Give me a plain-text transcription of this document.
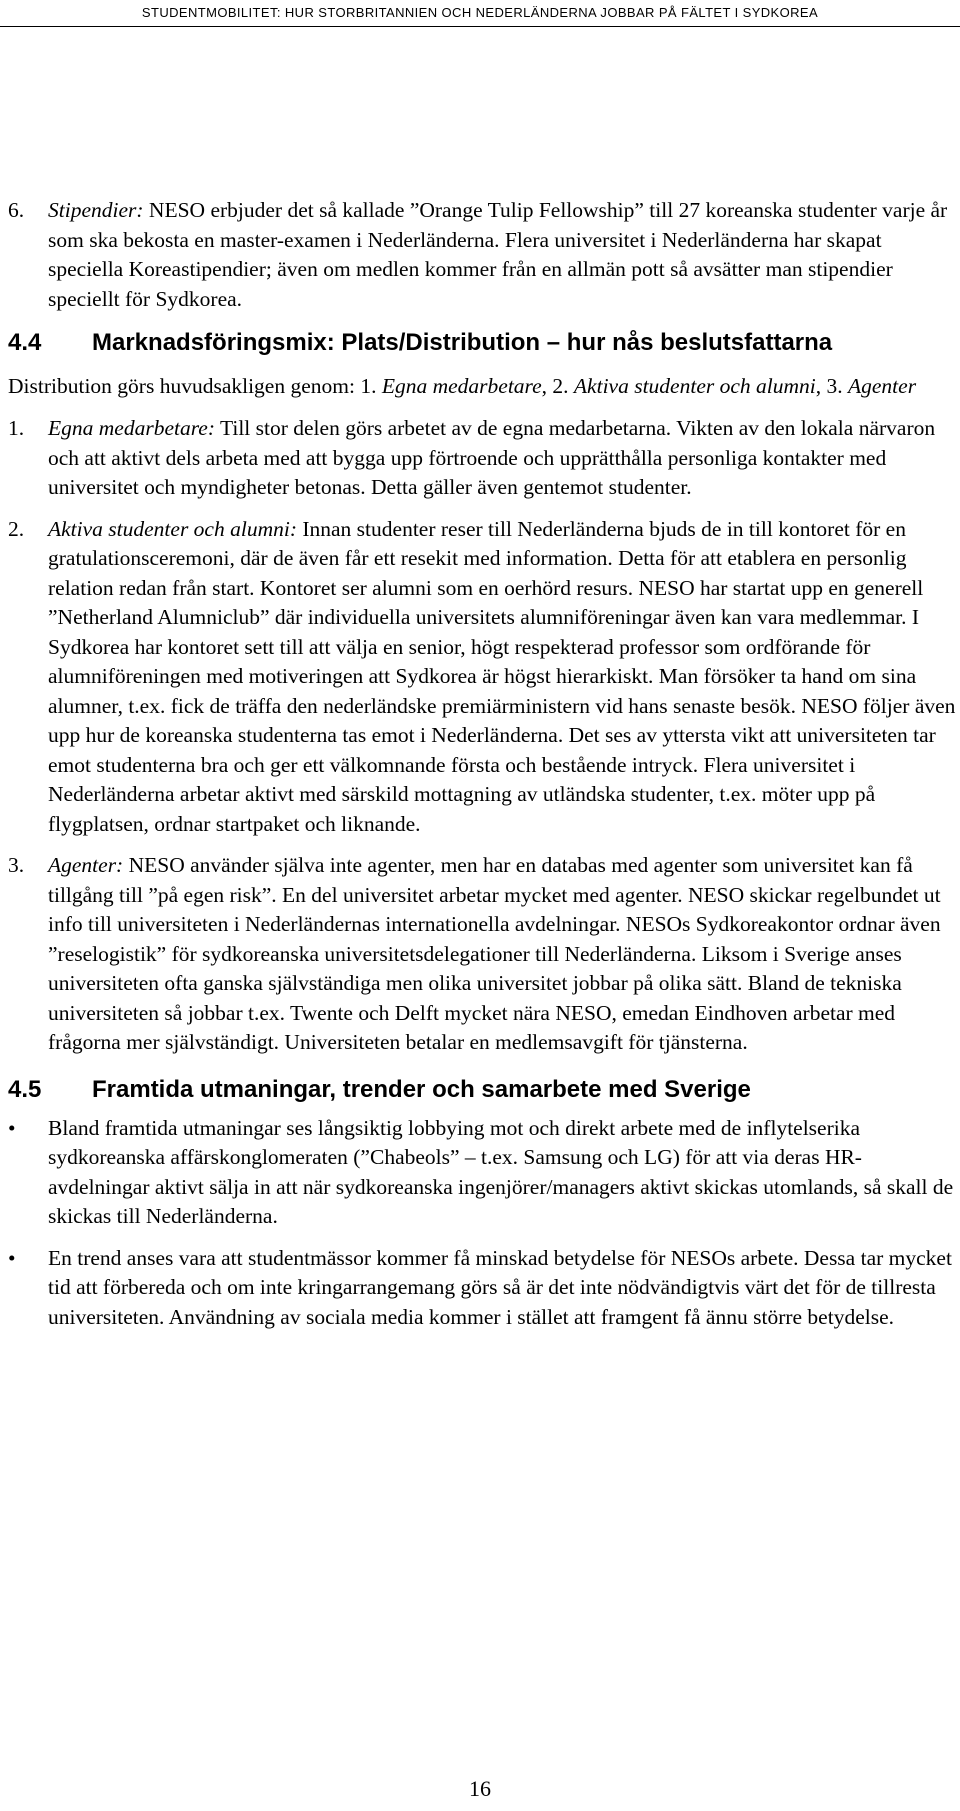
STUDENTMOBILITET: HUR STORBRITANNIEN OCH NEDERLÄNDERNA JOBBAR PÅ FÄLTET I SYDKOREA
6. Stipendier: NESO erbjuder det så kallade ”Orange Tulip Fellowship” till 27 koreanska studenter varje år som ska bekosta en master-examen i Nederländerna. Flera universitet i Nederländerna har skapat speciella Koreastipendier; även om medlen kommer från en allmän pott så avsätter man stipendier speciellt för Sydkorea.
4.4 Marknadsföringsmix: Plats/Distribution – hur nås beslutsfattarna

Distribution görs huvudsakligen genom: 1. Egna medarbetare, 2. Aktiva studenter och alumni, 3. Agenter

1. Egna medarbetare: Till stor delen görs arbetet av de egna medarbetarna. Vikten av den lokala närvaron och att aktivt dels arbeta med att bygga upp förtroende och upprätthålla personliga kontakter med universitet och myndigheter betonas. Detta gäller även gentemot studenter.
2. Aktiva studenter och alumni: Innan studenter reser till Nederländerna bjuds de in till kontoret för en gratulationsceremoni, där de även får ett resekit med information. Detta för att etablera en personlig relation redan från start. Kontoret ser alumni som en oerhörd resurs. NESO har startat upp en generell ”Netherland Alumniclub” där individuella universitets alumniföreningar även kan vara medlemmar. I Sydkorea har kontoret sett till att välja en senior, högt respekterad professor som ordförande för alumniföreningen med motiveringen att Sydkorea är högst hierarkiskt. Man försöker ta hand om sina alumner, t.ex. fick de träffa den nederländske premiärministern vid hans senaste besök. NESO följer även upp hur de koreanska studenterna tas emot i Nederländerna. Det ses av yttersta vikt att universiteten tar emot studenterna bra och ger ett välkomnande första och bestående intryck. Flera universitet i Nederländerna arbetar aktivt med särskild mottagning av utländska studenter, t.ex. möter upp på flygplatsen, ordnar startpaket och liknande.
3. Agenter: NESO använder själva inte agenter, men har en databas med agenter som universitet kan få tillgång till ”på egen risk”. En del universitet arbetar mycket med agenter. NESO skickar regelbundet ut info till universiteten i Nederländernas internationella avdelningar. NESOs Sydkoreakontor ordnar även ”reselogistik” för sydkoreanska universitetsdelegationer till Nederländerna. Liksom i Sverige anses universiteten ofta ganska självständiga men olika universitet jobbar på olika sätt. Bland de tekniska universiteten så jobbar t.ex. Twente och Delft mycket nära NESO, emedan Eindhoven arbetar med frågorna mer självständigt. Universiteten betalar en medlemsavgift för tjänsterna.
4.5 Framtida utmaningar, trender och samarbete med Sverige
• Bland framtida utmaningar ses långsiktig lobbying mot och direkt arbete med de inflytelserika sydkoreanska affärskonglomeraten (”Chabeols” – t.ex. Samsung och LG) för att via deras HR-avdelningar aktivt sälja in att när sydkoreanska ingenjörer/managers aktivt skickas utomlands, så skall de skickas till Nederländerna.
• En trend anses vara att studentmässor kommer få minskad betydelse för NESOs arbete. Dessa tar mycket tid att förbereda och om inte kringarrangemang görs så är det inte nödvändigtvis värt det för de tillresta universiteten. Användning av sociala media kommer i stället att framgent få ännu större betydelse.
16
